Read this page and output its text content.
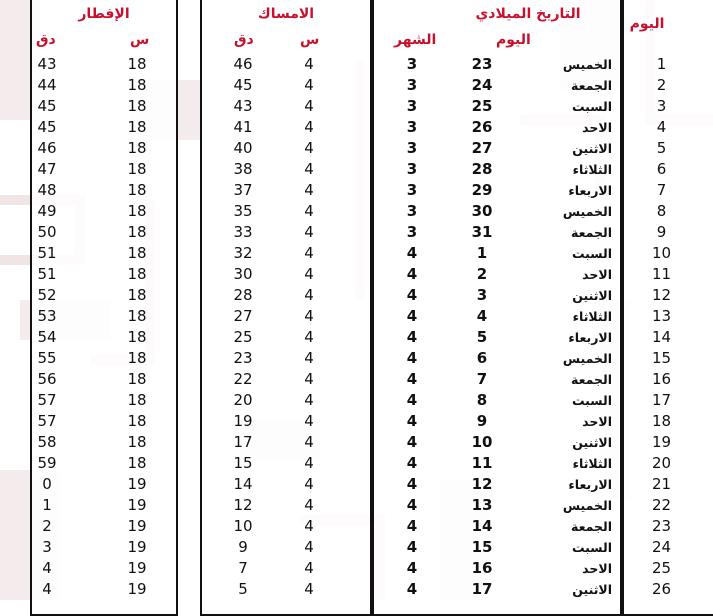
اليوم
1
2
3
4
5
6
7
8
9
10
11
12
13
14
15
16
17
18
19
20
21
22
23
24
25
26
التاريخ الميلادي
اليوم
الشهر
الخميس
23
3
الجمعة
24
3
السبت
25
3
الاحد
26
3
الاثنين
27
3
الثلاثاء
28
3
الاربعاء
29
3
الخميس
30
3
الجمعة
31
3
السبت
1
4
الاحد
2
4
الاثنين
3
4
الثلاثاء
4
4
الاربعاء
5
4
الخميس
6
4
الجمعة
7
4
السبت
8
4
الاحد
9
4
الاثنين
10
4
الثلاثاء
11
4
الاربعاء
12
4
الخميس
13
4
الجمعة
14
4
السبت
15
4
الاحد
16
4
الاثنين
17
4
الامساك
س
دق
4
46
4
45
4
43
4
41
4
40
4
38
4
37
4
35
4
33
4
32
4
30
4
28
4
27
4
25
4
23
4
22
4
20
4
19
4
17
4
15
4
14
4
12
4
10
4
9
4
7
4
5
الإفطار
س
دق
18
43
18
44
18
45
18
45
18
46
18
47
18
48
18
49
18
50
18
51
18
51
18
52
18
53
18
54
18
55
18
56
18
57
18
57
18
58
18
59
19
0
19
1
19
2
19
3
19
4
19
4
